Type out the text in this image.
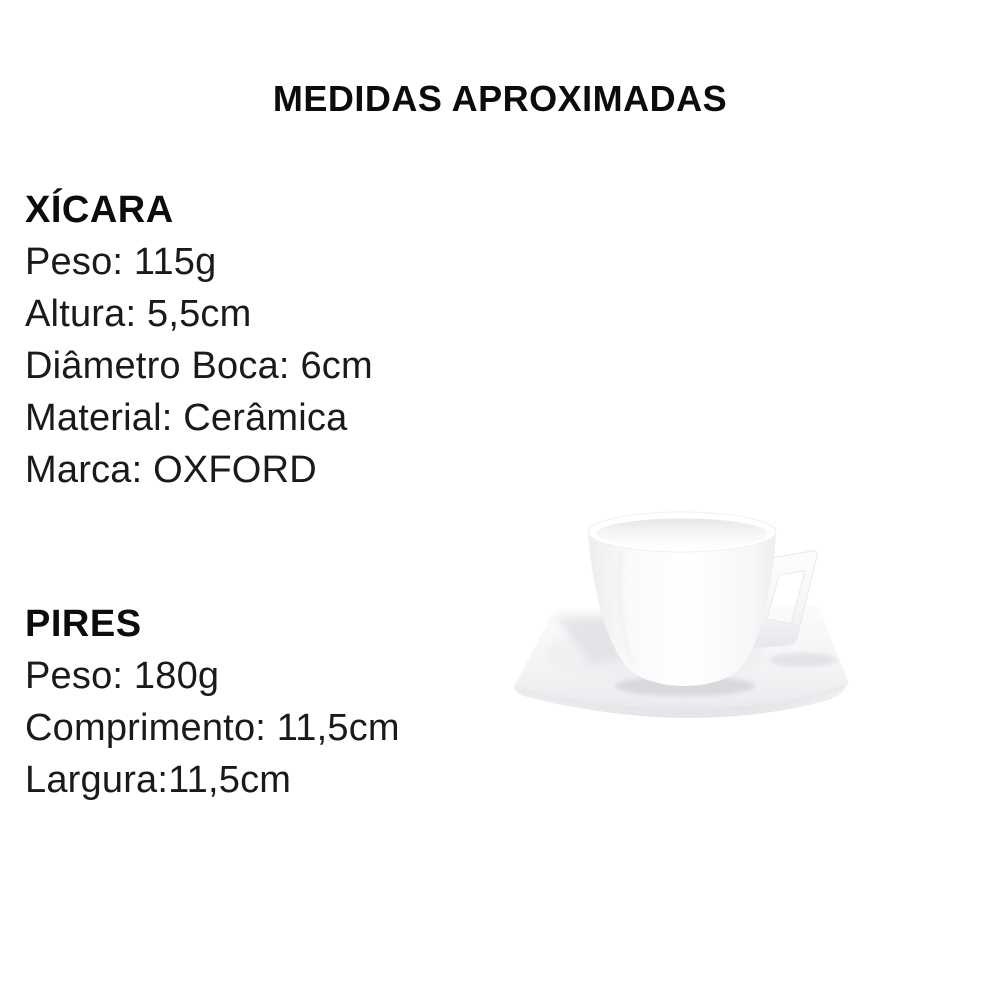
MEDIDAS APROXIMADAS
XÍCARA

Peso: 115g

Altura: 5,5cm

Diâmetro Boca: 6cm

Material: Cerâmica

Marca: OXFORD

PIRES

Peso: 180g

Comprimento: 11,5cm

Largura:11,5cm
